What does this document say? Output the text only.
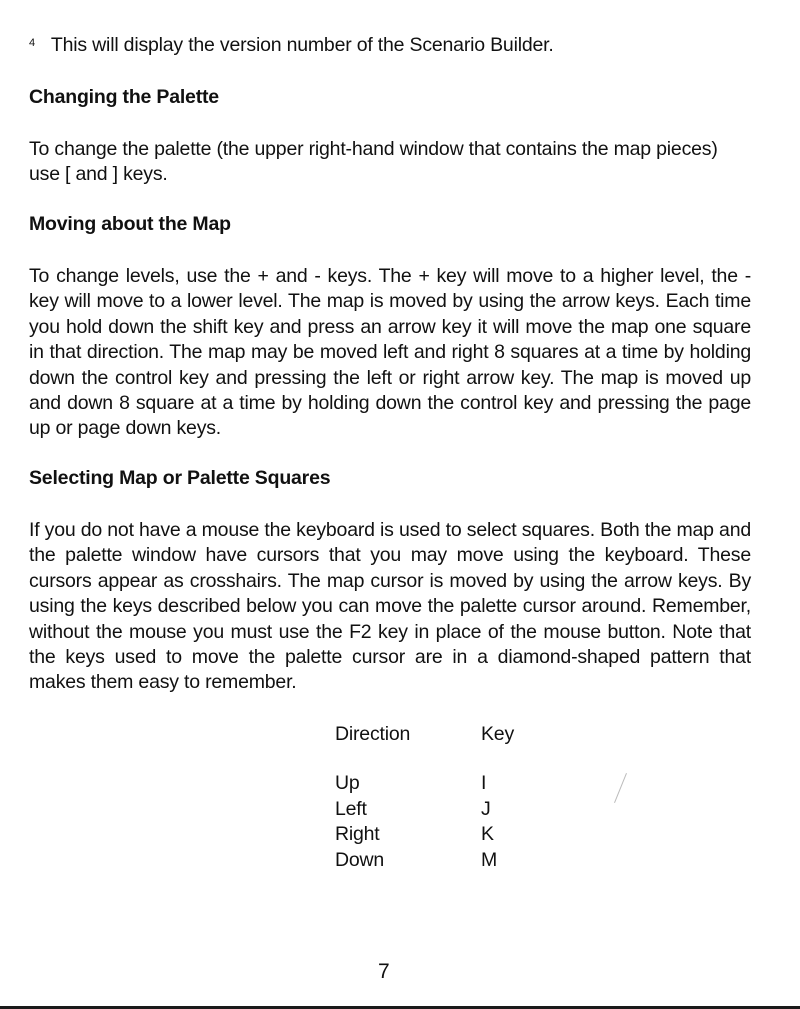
$^4$ This will display the version number of the Scenario Builder.
Changing the Palette

To change the palette (the upper right-hand window that contains the map pieces) use [ and ] keys.

Moving about the Map

To change levels, use the + and - keys. The + key will move to a higher level, the - key will move to a lower level. The map is moved by using the arrow keys. Each time you hold down the shift key and press an arrow key it will move the map one square in that direction. The map may be moved left and right 8 squares at a time by holding down the control key and pressing the left or right arrow key. The map is moved up and down 8 square at a time by holding down the control key and pressing the page up or page down keys.

Selecting Map or Palette Squares

If you do not have a mouse the keyboard is used to select squares. Both the map and the palette window have cursors that you may move using the keyboard. These cursors appear as crosshairs. The map cursor is moved by using the arrow keys. By using the keys described below you can move the palette cursor around. Remember, without the mouse you must use the F2 key in place of the mouse button. Note that the keys used to move the palette cursor are in a diamond-shaped pattern that makes them easy to remember.

Direction	Key

Up	I
Left	J
Right	K
Down	M
7
